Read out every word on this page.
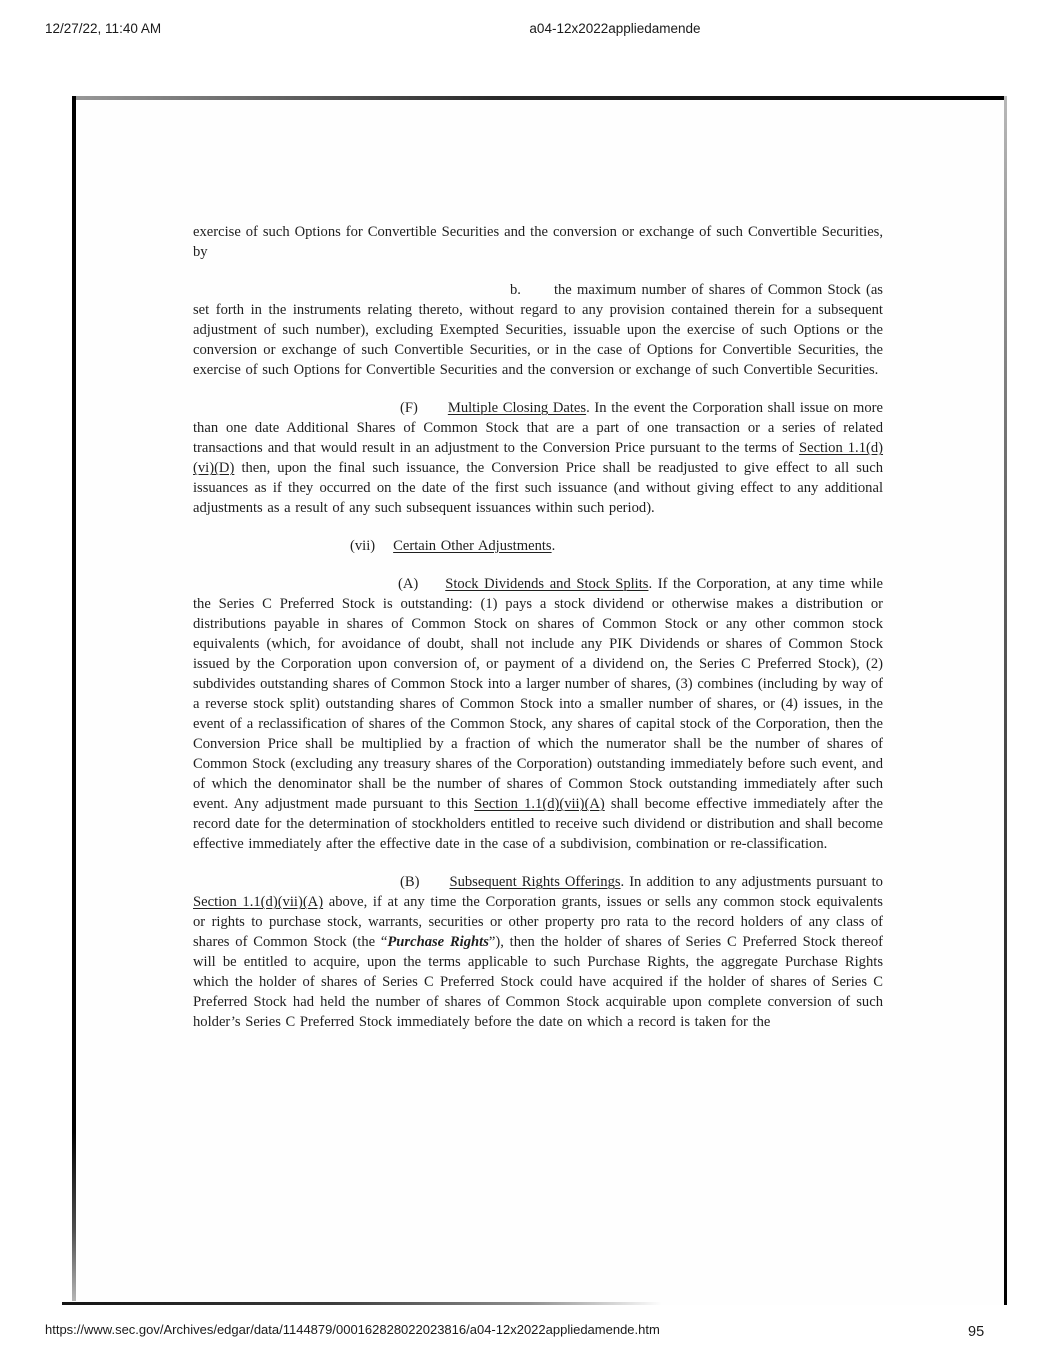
12/27/22, 11:40 AM	a04-12x2022appliedamende

exercise of such Options for Convertible Securities and the conversion or exchange of such Convertible Securities, by

b. the maximum number of shares of Common Stock (as set forth in the instruments relating thereto, without regard to any provision contained therein for a subsequent adjustment of such number), excluding Exempted Securities, issuable upon the exercise of such Options or the conversion or exchange of such Convertible Securities, or in the case of Options for Convertible Securities, the exercise of such Options for Convertible Securities and the conversion or exchange of such Convertible Securities.

(F) Multiple Closing Dates. In the event the Corporation shall issue on more than one date Additional Shares of Common Stock that are a part of one transaction or a series of related transactions and that would result in an adjustment to the Conversion Price pursuant to the terms of Section 1.1(d)(vi)(D) then, upon the final such issuance, the Conversion Price shall be readjusted to give effect to all such issuances as if they occurred on the date of the first such issuance (and without giving effect to any additional adjustments as a result of any such subsequent issuances within such period).

(vii) Certain Other Adjustments.

(A) Stock Dividends and Stock Splits. If the Corporation, at any time while the Series C Preferred Stock is outstanding: (1) pays a stock dividend or otherwise makes a distribution or distributions payable in shares of Common Stock on shares of Common Stock or any other common stock equivalents (which, for avoidance of doubt, shall not include any PIK Dividends or shares of Common Stock issued by the Corporation upon conversion of, or payment of a dividend on, the Series C Preferred Stock), (2) subdivides outstanding shares of Common Stock into a larger number of shares, (3) combines (including by way of a reverse stock split) outstanding shares of Common Stock into a smaller number of shares, or (4) issues, in the event of a reclassification of shares of the Common Stock, any shares of capital stock of the Corporation, then the Conversion Price shall be multiplied by a fraction of which the numerator shall be the number of shares of Common Stock (excluding any treasury shares of the Corporation) outstanding immediately before such event, and of which the denominator shall be the number of shares of Common Stock outstanding immediately after such event. Any adjustment made pursuant to this Section 1.1(d)(vii)(A) shall become effective immediately after the record date for the determination of stockholders entitled to receive such dividend or distribution and shall become effective immediately after the effective date in the case of a subdivision, combination or re-classification.

(B) Subsequent Rights Offerings. In addition to any adjustments pursuant to Section 1.1(d)(vii)(A) above, if at any time the Corporation grants, issues or sells any common stock equivalents or rights to purchase stock, warrants, securities or other property pro rata to the record holders of any class of shares of Common Stock (the “Purchase Rights”), then the holder of shares of Series C Preferred Stock thereof will be entitled to acquire, upon the terms applicable to such Purchase Rights, the aggregate Purchase Rights which the holder of shares of Series C Preferred Stock could have acquired if the holder of shares of Series C Preferred Stock had held the number of shares of Common Stock acquirable upon complete conversion of such holder’s Series C Preferred Stock immediately before the date on which a record is taken for the

https://www.sec.gov/Archives/edgar/data/1144879/000162828022023816/a04-12x2022appliedamende.htm	95
